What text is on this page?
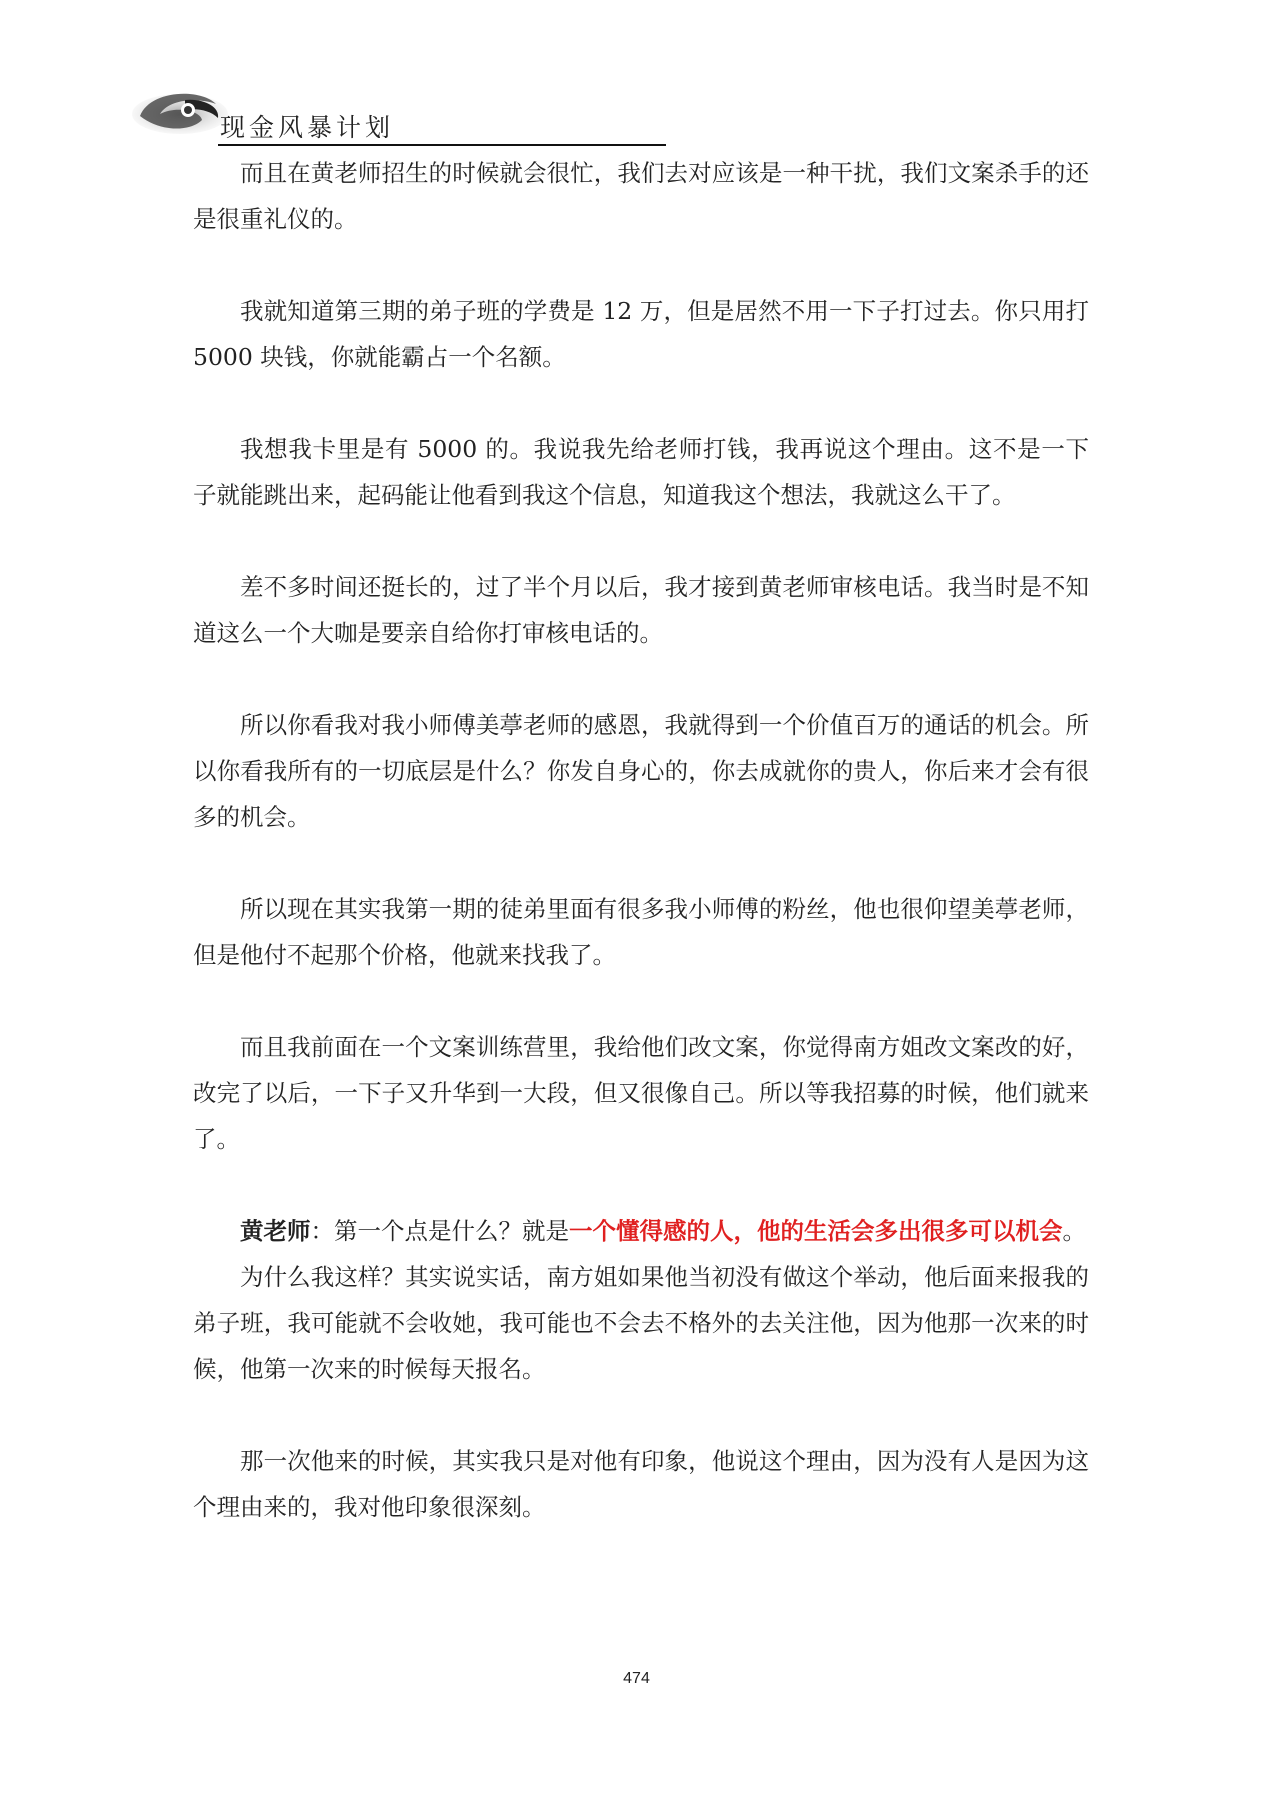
现金风暴计划

而且在黄老师招生的时候就会很忙，我们去对应该是一种干扰，我们文案杀手的还是很重礼仪的。

我就知道第三期的弟子班的学费是 12 万，但是居然不用一下子打过去。你只用打 5000 块钱，你就能霸占一个名额。

我想我卡里是有 5000 的。我说我先给老师打钱，我再说这个理由。这不是一下子就能跳出来，起码能让他看到我这个信息，知道我这个想法，我就这么干了。

差不多时间还挺长的，过了半个月以后，我才接到黄老师审核电话。我当时是不知道这么一个大咖是要亲自给你打审核电话的。

所以你看我对我小师傅美葶老师的感恩，我就得到一个价值百万的通话的机会。所以你看我所有的一切底层是什么？你发自身心的，你去成就你的贵人，你后来才会有很多的机会。

所以现在其实我第一期的徒弟里面有很多我小师傅的粉丝，他也很仰望美葶老师，但是他付不起那个价格，他就来找我了。

而且我前面在一个文案训练营里，我给他们改文案，你觉得南方姐改文案改的好，改完了以后，一下子又升华到一大段，但又很像自己。所以等我招募的时候，他们就来了。

黄老师：第一个点是什么？就是一个懂得感的人，他的生活会多出很多可以机会。

为什么我这样？其实说实话，南方姐如果他当初没有做这个举动，他后面来报我的弟子班，我可能就不会收她，我可能也不会去不格外的去关注他，因为他那一次来的时候，他第一次来的时候每天报名。

那一次他来的时候，其实我只是对他有印象，他说这个理由，因为没有人是因为这个理由来的，我对他印象很深刻。

474
